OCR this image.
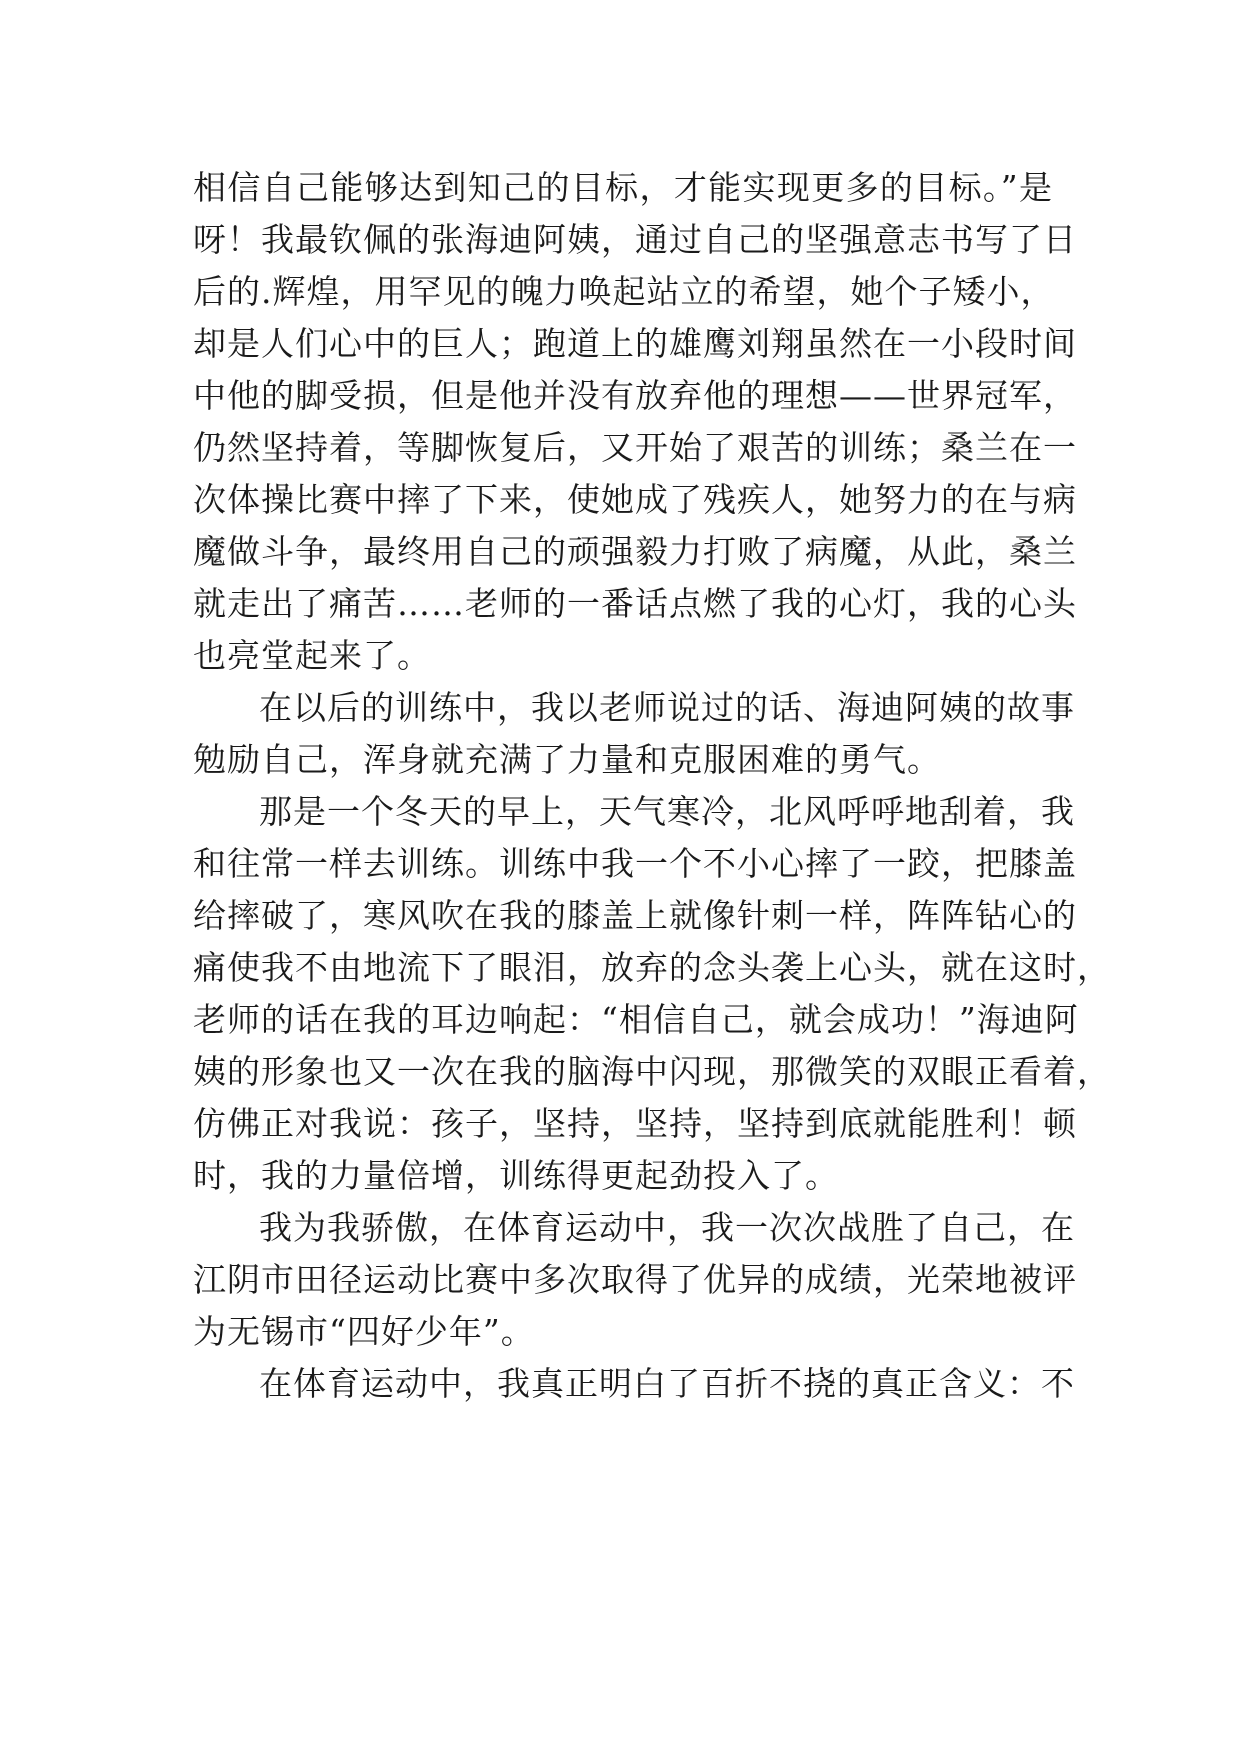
相信自己能够达到知己的目标，才能实现更多的目标。”是
呀！我最钦佩的张海迪阿姨，通过自己的坚强意志书写了日
后的.辉煌，用罕见的魄力唤起站立的希望，她个子矮小，
却是人们心中的巨人；跑道上的雄鹰刘翔虽然在一小段时间
中他的脚受损，但是他并没有放弃他的理想——世界冠军，
仍然坚持着，等脚恢复后，又开始了艰苦的训练；桑兰在一
次体操比赛中摔了下来，使她成了残疾人，她努力的在与病
魔做斗争，最终用自己的顽强毅力打败了病魔，从此，桑兰
就走出了痛苦……老师的一番话点燃了我的心灯，我的心头
也亮堂起来了。
在以后的训练中，我以老师说过的话、海迪阿姨的故事
勉励自己，浑身就充满了力量和克服困难的勇气。
那是一个冬天的早上，天气寒冷，北风呼呼地刮着，我
和往常一样去训练。训练中我一个不小心摔了一跤，把膝盖
给摔破了，寒风吹在我的膝盖上就像针刺一样，阵阵钻心的
痛使我不由地流下了眼泪，放弃的念头袭上心头，就在这时，
老师的话在我的耳边响起：“相信自己，就会成功！”海迪阿
姨的形象也又一次在我的脑海中闪现，那微笑的双眼正看着，
仿佛正对我说：孩子，坚持，坚持，坚持到底就能胜利！顿
时，我的力量倍增，训练得更起劲投入了。
我为我骄傲，在体育运动中，我一次次战胜了自己，在
江阴市田径运动比赛中多次取得了优异的成绩，光荣地被评
为无锡市“四好少年”。
在体育运动中，我真正明白了百折不挠的真正含义：不
